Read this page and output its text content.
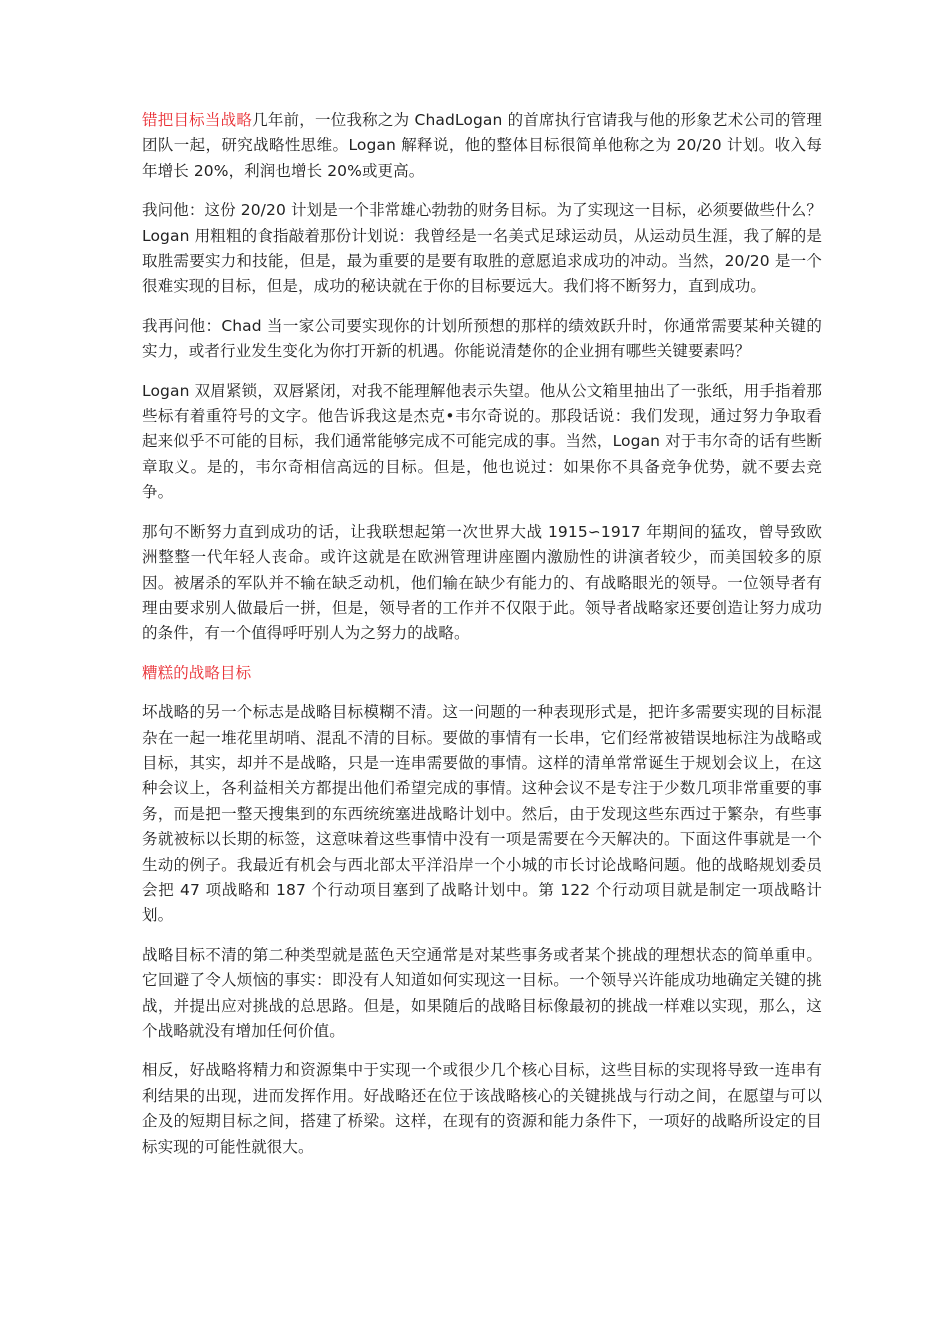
错把目标当战略几年前，一位我称之为 ChadLogan 的首席执行官请我与他的形象艺术公司的管理团队一起，研究战略性思维。Logan 解释说，他的整体目标很简单他称之为 20/20 计划。收入每年增长 20%，利润也增长 20%或更高。

我问他：这份 20/20 计划是一个非常雄心勃勃的财务目标。为了实现这一目标，必须要做些什么？Logan 用粗粗的食指敲着那份计划说：我曾经是一名美式足球运动员，从运动员生涯，我了解的是取胜需要实力和技能，但是，最为重要的是要有取胜的意愿追求成功的冲动。当然，20/20 是一个很难实现的目标，但是，成功的秘诀就在于你的目标要远大。我们将不断努力，直到成功。

我再问他：Chad 当一家公司要实现你的计划所预想的那样的绩效跃升时，你通常需要某种关键的实力，或者行业发生变化为你打开新的机遇。你能说清楚你的企业拥有哪些关键要素吗？

Logan 双眉紧锁，双唇紧闭，对我不能理解他表示失望。他从公文箱里抽出了一张纸，用手指着那些标有着重符号的文字。他告诉我这是杰克•韦尔奇说的。那段话说：我们发现，通过努力争取看起来似乎不可能的目标，我们通常能够完成不可能完成的事。当然，Logan 对于韦尔奇的话有些断章取义。是的，韦尔奇相信高远的目标。但是，他也说过：如果你不具备竞争优势，就不要去竞争。

那句不断努力直到成功的话，让我联想起第一次世界大战 1915∽1917 年期间的猛攻，曾导致欧洲整整一代年轻人丧命。或许这就是在欧洲管理讲座圈内激励性的讲演者较少，而美国较多的原因。被屠杀的军队并不输在缺乏动机，他们输在缺少有能力的、有战略眼光的领导。一位领导者有理由要求别人做最后一拼，但是，领导者的工作并不仅限于此。领导者战略家还要创造让努力成功的条件，有一个值得呼吁别人为之努力的战略。

糟糕的战略目标

坏战略的另一个标志是战略目标模糊不清。这一问题的一种表现形式是，把许多需要实现的目标混杂在一起一堆花里胡哨、混乱不清的目标。要做的事情有一长串，它们经常被错误地标注为战略或目标，其实，却并不是战略，只是一连串需要做的事情。这样的清单常常诞生于规划会议上，在这种会议上，各利益相关方都提出他们希望完成的事情。这种会议不是专注于少数几项非常重要的事务，而是把一整天搜集到的东西统统塞进战略计划中。然后，由于发现这些东西过于繁杂，有些事务就被标以长期的标签，这意味着这些事情中没有一项是需要在今天解决的。下面这件事就是一个生动的例子。我最近有机会与西北部太平洋沿岸一个小城的市长讨论战略问题。他的战略规划委员会把 47 项战略和 187 个行动项目塞到了战略计划中。第 122 个行动项目就是制定一项战略计划。

战略目标不清的第二种类型就是蓝色天空通常是对某些事务或者某个挑战的理想状态的简单重申。它回避了令人烦恼的事实：即没有人知道如何实现这一目标。一个领导兴许能成功地确定关键的挑战，并提出应对挑战的总思路。但是，如果随后的战略目标像最初的挑战一样难以实现，那么，这个战略就没有增加任何价值。

相反，好战略将精力和资源集中于实现一个或很少几个核心目标，这些目标的实现将导致一连串有利结果的出现，进而发挥作用。好战略还在位于该战略核心的关键挑战与行动之间，在愿望与可以企及的短期目标之间，搭建了桥梁。这样，在现有的资源和能力条件下，一项好的战略所设定的目标实现的可能性就很大。
